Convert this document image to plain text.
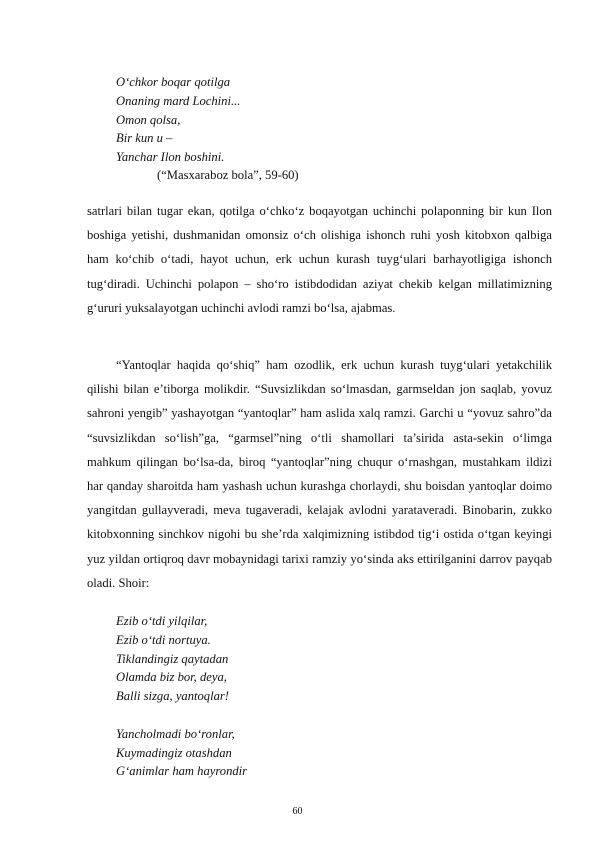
O‘chkor boqar qotilga
Onaning mard Lochini...
Omon qolsa,
Bir kun u –
Yanchar Ilon boshini.
(“Masxaraboz bola”, 59-60)

satrlari bilan tugar ekan, qotilga o‘chko‘z boqayotgan uchinchi polaponning bir kun Ilon boshiga yetishi, dushmanidan omonsiz o‘ch olishiga ishonch ruhi yosh kitobxon qalbiga ham ko‘chib o‘tadi, hayot uchun, erk uchun kurash tuyg‘ulari barhayotligiga ishonch tug‘diradi. Uchinchi polapon – sho‘ro istibdodidan aziyat chekib kelgan millatimizning g‘ururi yuksalayotgan uchinchi avlodi ramzi bo‘lsa, ajabmas.

“Yantoqlar haqida qo‘shiq” ham ozodlik, erk uchun kurash tuyg‘ulari yetakchilik qilishi bilan e’tiborga molikdir. “Suvsizlikdan so‘lmasdan, garmseldan jon saqlab, yovuz sahroni yengib” yashayotgan “yantoqlar” ham aslida xalq ramzi. Garchi u “yovuz sahro”da “suvsizlikdan so‘lish”ga, “garmsel”ning o‘tli shamollari ta’sirida asta-sekin o‘limga mahkum qilingan bo‘lsa-da, biroq “yantoqlar”ning chuqur o‘rnashgan, mustahkam ildizi har qanday sharoitda ham yashash uchun kurashga chorlaydi, shu boisdan yantoqlar doimo yangitdan gullayveradi, meva tugaveradi, kelajak avlodni yarataveradi. Binobarin, zukko kitobxonning sinchkov nigohi bu she’rda xalqimizning istibdod tig‘i ostida o‘tgan keyingi yuz yildan ortiqroq davr mobaynidagi tarixi ramziy yo‘sinda aks ettirilganini darrov payqab oladi. Shoir:

Ezib o‘tdi yilqilar,
Ezib o‘tdi nortuya.
Tiklandingiz qaytadan
Olamda biz bor, deya,
Balli sizga, yantoqlar!
Yancholmadi bo‘ronlar,
Kuymadingiz otashdan
G‘animlar ham hayrondir
60
